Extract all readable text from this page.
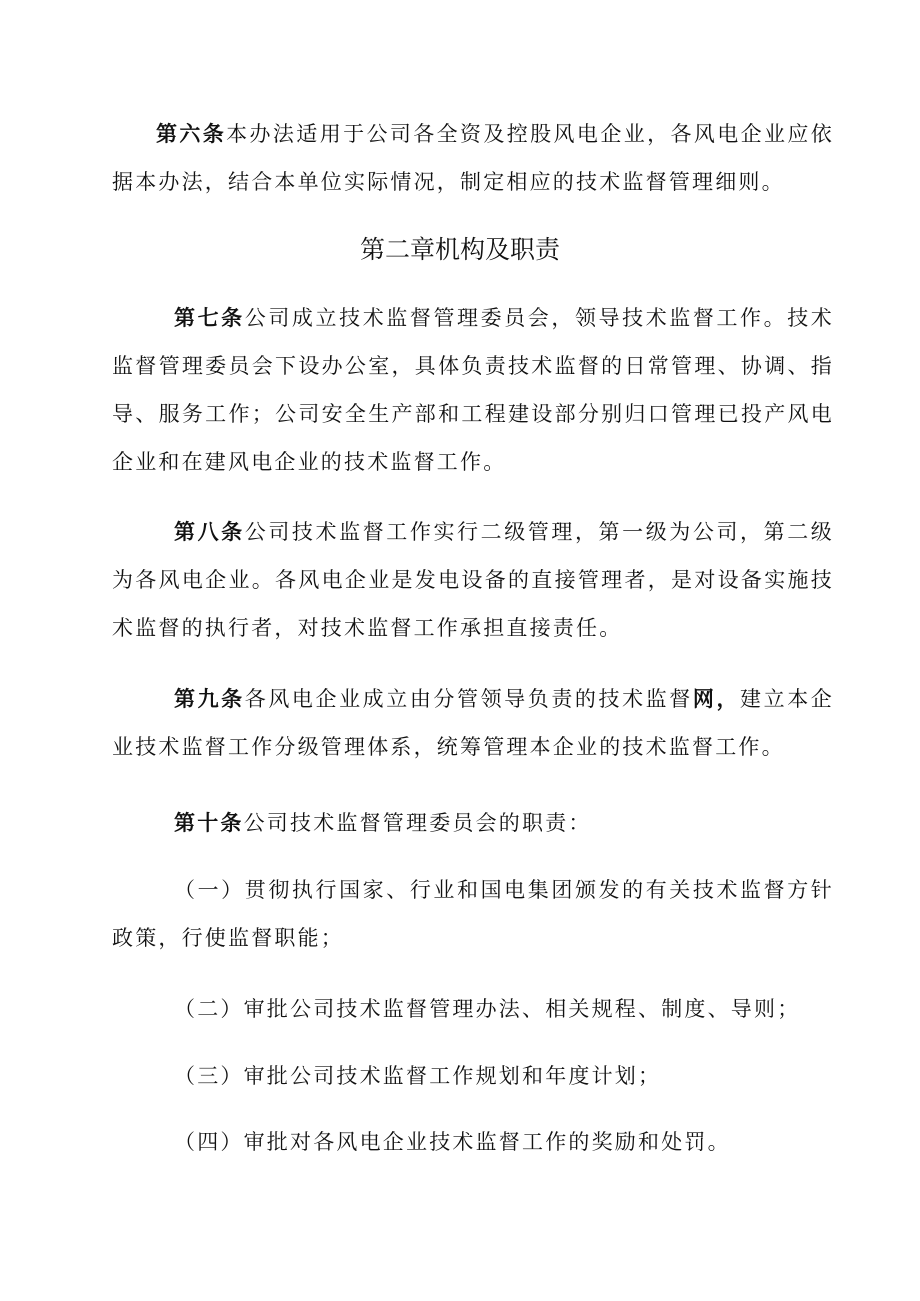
第六条本办法适用于公司各全资及控股风电企业，各风电企业应依据本办法，结合本单位实际情况，制定相应的技术监督管理细则。

第二章机构及职责

第七条公司成立技术监督管理委员会，领导技术监督工作。技术监督管理委员会下设办公室，具体负责技术监督的日常管理、协调、指导、服务工作；公司安全生产部和工程建设部分别归口管理已投产风电企业和在建风电企业的技术监督工作。

第八条公司技术监督工作实行二级管理，第一级为公司，第二级为各风电企业。各风电企业是发电设备的直接管理者，是对设备实施技术监督的执行者，对技术监督工作承担直接责任。

第九条各风电企业成立由分管领导负责的技术监督网，建立本企业技术监督工作分级管理体系，统筹管理本企业的技术监督工作。

第十条公司技术监督管理委员会的职责：

（一）贯彻执行国家、行业和国电集团颁发的有关技术监督方针政策，行使监督职能；

（二）审批公司技术监督管理办法、相关规程、制度、导则；

（三）审批公司技术监督工作规划和年度计划；

（四）审批对各风电企业技术监督工作的奖励和处罚。
